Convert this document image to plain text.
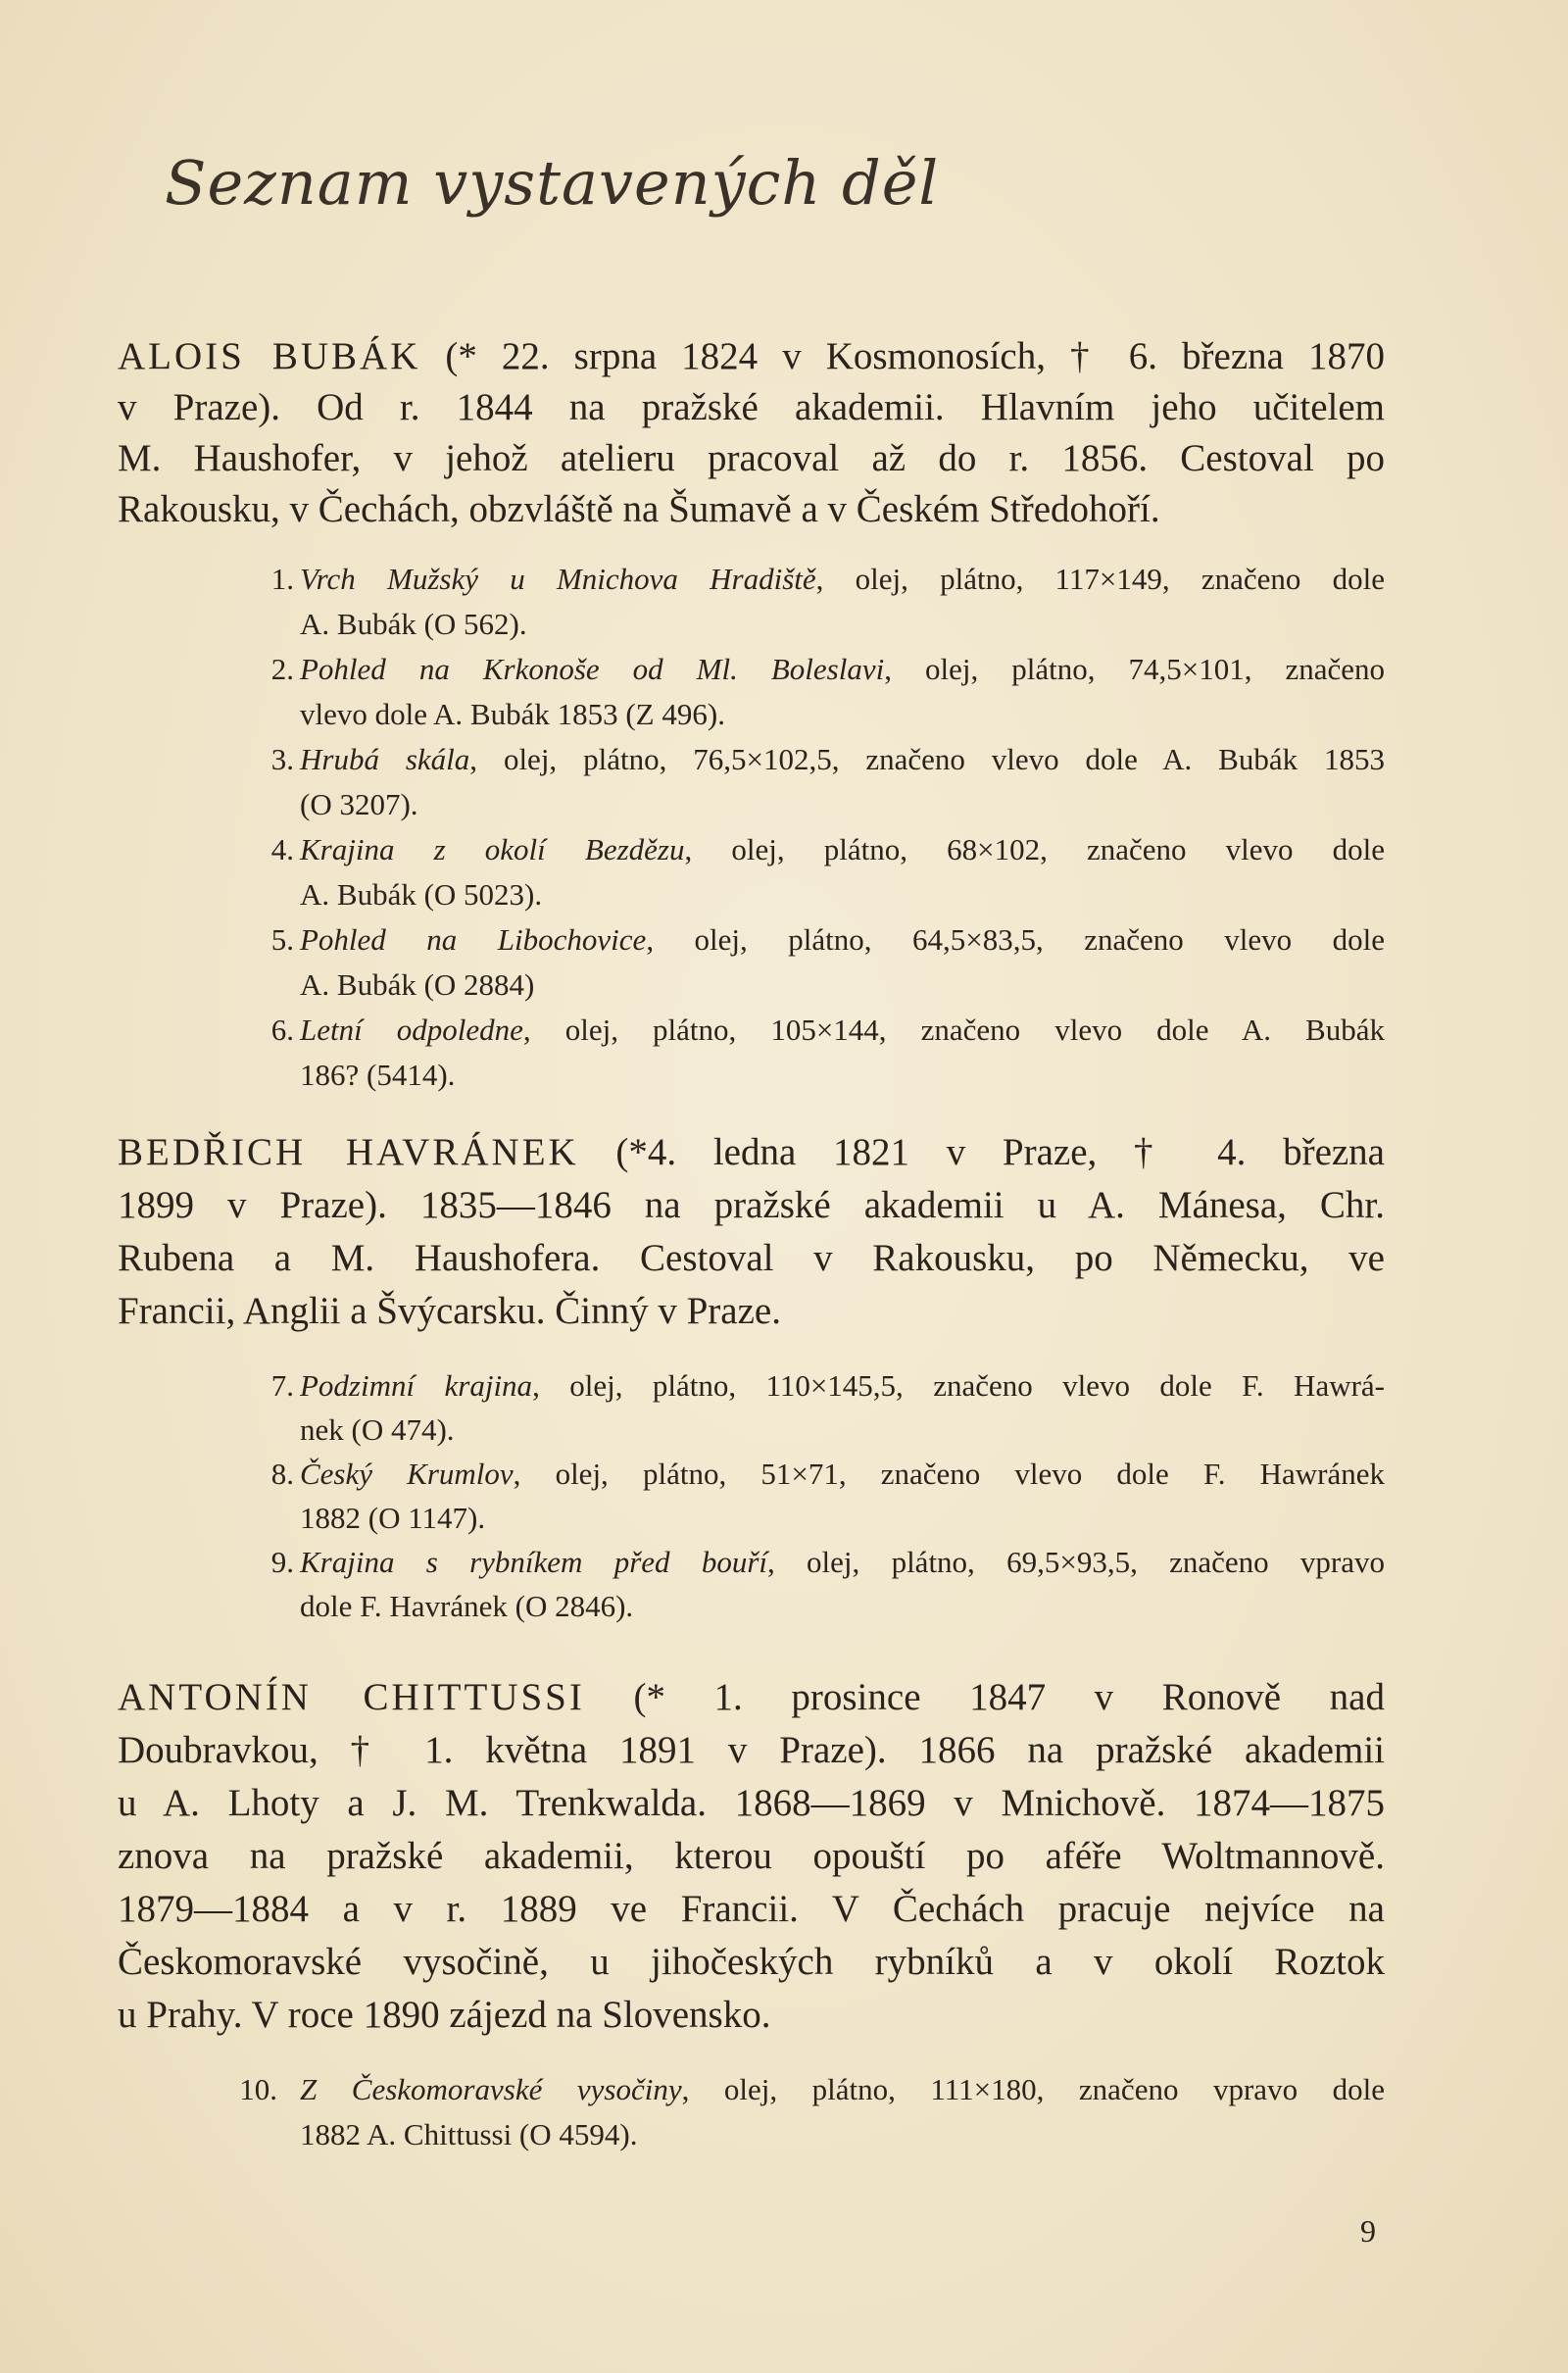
Seznam vystavených děl
ALOIS BUBÁK (* 22. srpna 1824 v Kosmonosích, † 6. března 1870
v Praze). Od r. 1844 na pražské akademii. Hlavním jeho učitelem
M. Haushofer, v jehož atelieru pracoval až do r. 1856. Cestoval po
Rakousku, v Čechách, obzvláště na Šumavě a v Českém Středohoří.
1. Vrch Mužský u Mnichova Hradiště, olej, plátno, 117×149, značeno dole
A. Bubák (O 562).
2. Pohled na Krkonoše od Ml. Boleslavi, olej, plátno, 74,5×101, značeno
vlevo dole A. Bubák 1853 (Z 496).
3. Hrubá skála, olej, plátno, 76,5×102,5, značeno vlevo dole A. Bubák 1853
(O 3207).
4. Krajina z okolí Bezdězu, olej, plátno, 68×102, značeno vlevo dole
A. Bubák (O 5023).
5. Pohled na Libochovice, olej, plátno, 64,5×83,5, značeno vlevo dole
A. Bubák (O 2884)
6. Letní odpoledne, olej, plátno, 105×144, značeno vlevo dole A. Bubák
186? (5414).
BEDŘICH HAVRÁNEK (*4. ledna 1821 v Praze, † 4. března
1899 v Praze). 1835—1846 na pražské akademii u A. Mánesa, Chr.
Rubena a M. Haushofera. Cestoval v Rakousku, po Německu, ve
Francii, Anglii a Švýcarsku. Činný v Praze.
7. Podzimní krajina, olej, plátno, 110×145,5, značeno vlevo dole F. Hawrá-
nek (O 474).
8. Český Krumlov, olej, plátno, 51×71, značeno vlevo dole F. Hawránek
1882 (O 1147).
9. Krajina s rybníkem před bouří, olej, plátno, 69,5×93,5, značeno vpravo
dole F. Havránek (O 2846).
ANTONÍN CHITTUSSI (* 1. prosince 1847 v Ronově nad
Doubravkou, † 1. května 1891 v Praze). 1866 na pražské akademii
u A. Lhoty a J. M. Trenkwalda. 1868—1869 v Mnichově. 1874—1875
znova na pražské akademii, kterou opouští po aféře Woltmannově.
1879—1884 a v r. 1889 ve Francii. V Čechách pracuje nejvíce na
Českomoravské vysočině, u jihočeských rybníků a v okolí Roztok
u Prahy. V roce 1890 zájezd na Slovensko.
10. Z Českomoravské vysočiny, olej, plátno, 111×180, značeno vpravo dole
1882 A. Chittussi (O 4594).
9
